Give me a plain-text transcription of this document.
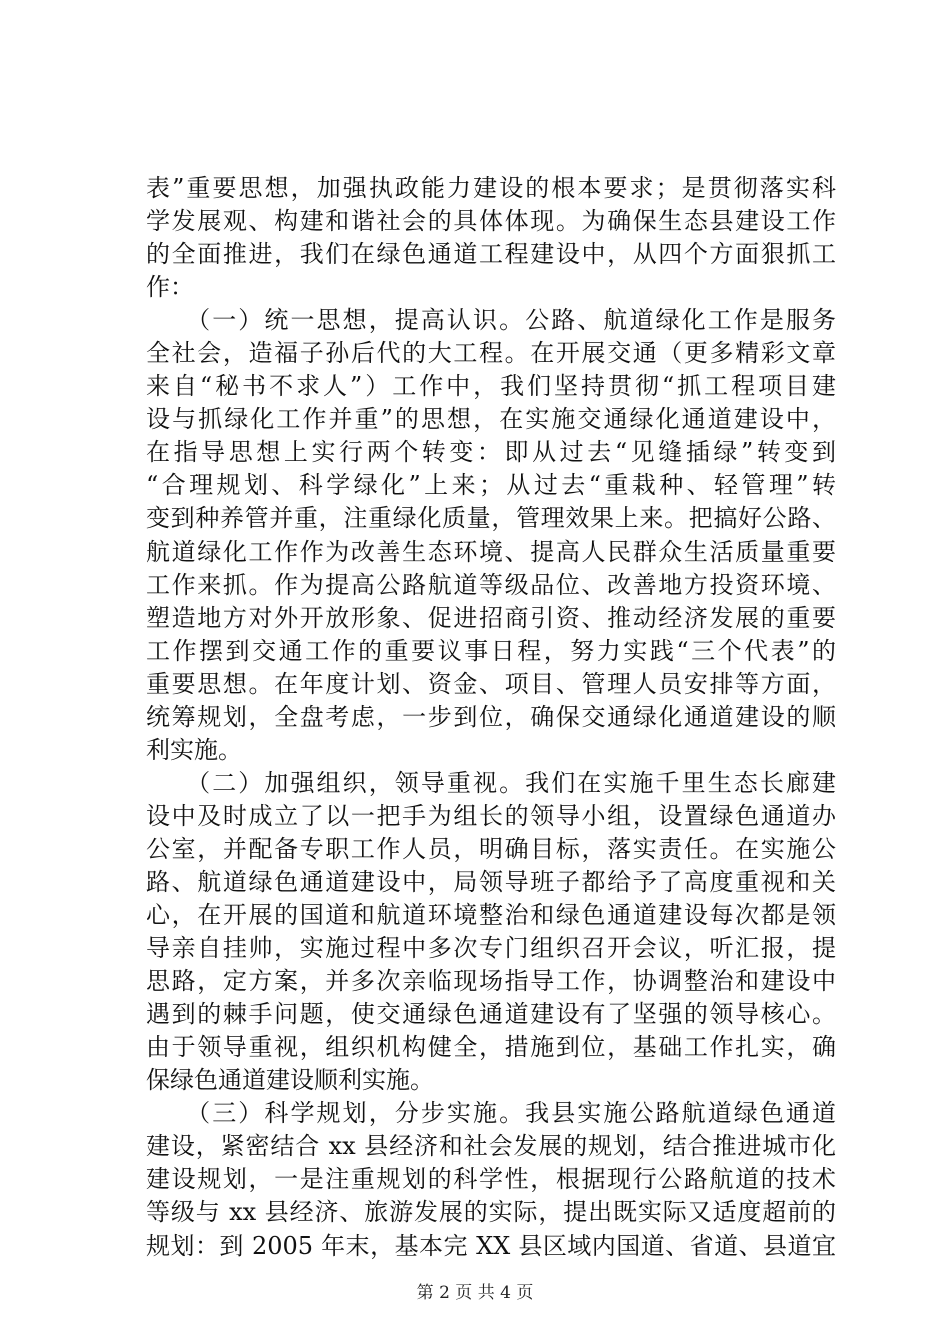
表”重要思想，加强执政能力建设的根本要求；是贯彻落实科
学发展观、构建和谐社会的具体体现。为确保生态县建设工作
的全面推进，我们在绿色通道工程建设中，从四个方面狠抓工
作：
　　（一）统一思想，提高认识。公路、航道绿化工作是服务
全社会，造福子孙后代的大工程。在开展交通（更多精彩文章
来自“秘书不求人”）工作中，我们坚持贯彻“抓工程项目建
设与抓绿化工作并重”的思想，在实施交通绿化通道建设中，
在指导思想上实行两个转变：即从过去“见缝插绿”转变到
“合理规划、科学绿化”上来；从过去“重栽种、轻管理”转
变到种养管并重，注重绿化质量，管理效果上来。把搞好公路、
航道绿化工作作为改善生态环境、提高人民群众生活质量重要
工作来抓。作为提高公路航道等级品位、改善地方投资环境、
塑造地方对外开放形象、促进招商引资、推动经济发展的重要
工作摆到交通工作的重要议事日程，努力实践“三个代表”的
重要思想。在年度计划、资金、项目、管理人员安排等方面，
统筹规划，全盘考虑，一步到位，确保交通绿化通道建设的顺
利实施。
　　（二）加强组织，领导重视。我们在实施千里生态长廊建
设中及时成立了以一把手为组长的领导小组，设置绿色通道办
公室，并配备专职工作人员，明确目标，落实责任。在实施公
路、航道绿色通道建设中，局领导班子都给予了高度重视和关
心，在开展的国道和航道环境整治和绿色通道建设每次都是领
导亲自挂帅，实施过程中多次专门组织召开会议，听汇报，提
思路，定方案，并多次亲临现场指导工作，协调整治和建设中
遇到的棘手问题，使交通绿色通道建设有了坚强的领导核心。
由于领导重视，组织机构健全，措施到位，基础工作扎实，确
保绿色通道建设顺利实施。
　　（三）科学规划，分步实施。我县实施公路航道绿色通道
建设，紧密结合 xx 县经济和社会发展的规划，结合推进城市化
建设规划，一是注重规划的科学性，根据现行公路航道的技术
等级与 xx 县经济、旅游发展的实际，提出既实际又适度超前的
规划：到 2005 年末，基本完 XX 县区域内国道、省道、县道宜
第 2 页 共 4 页
